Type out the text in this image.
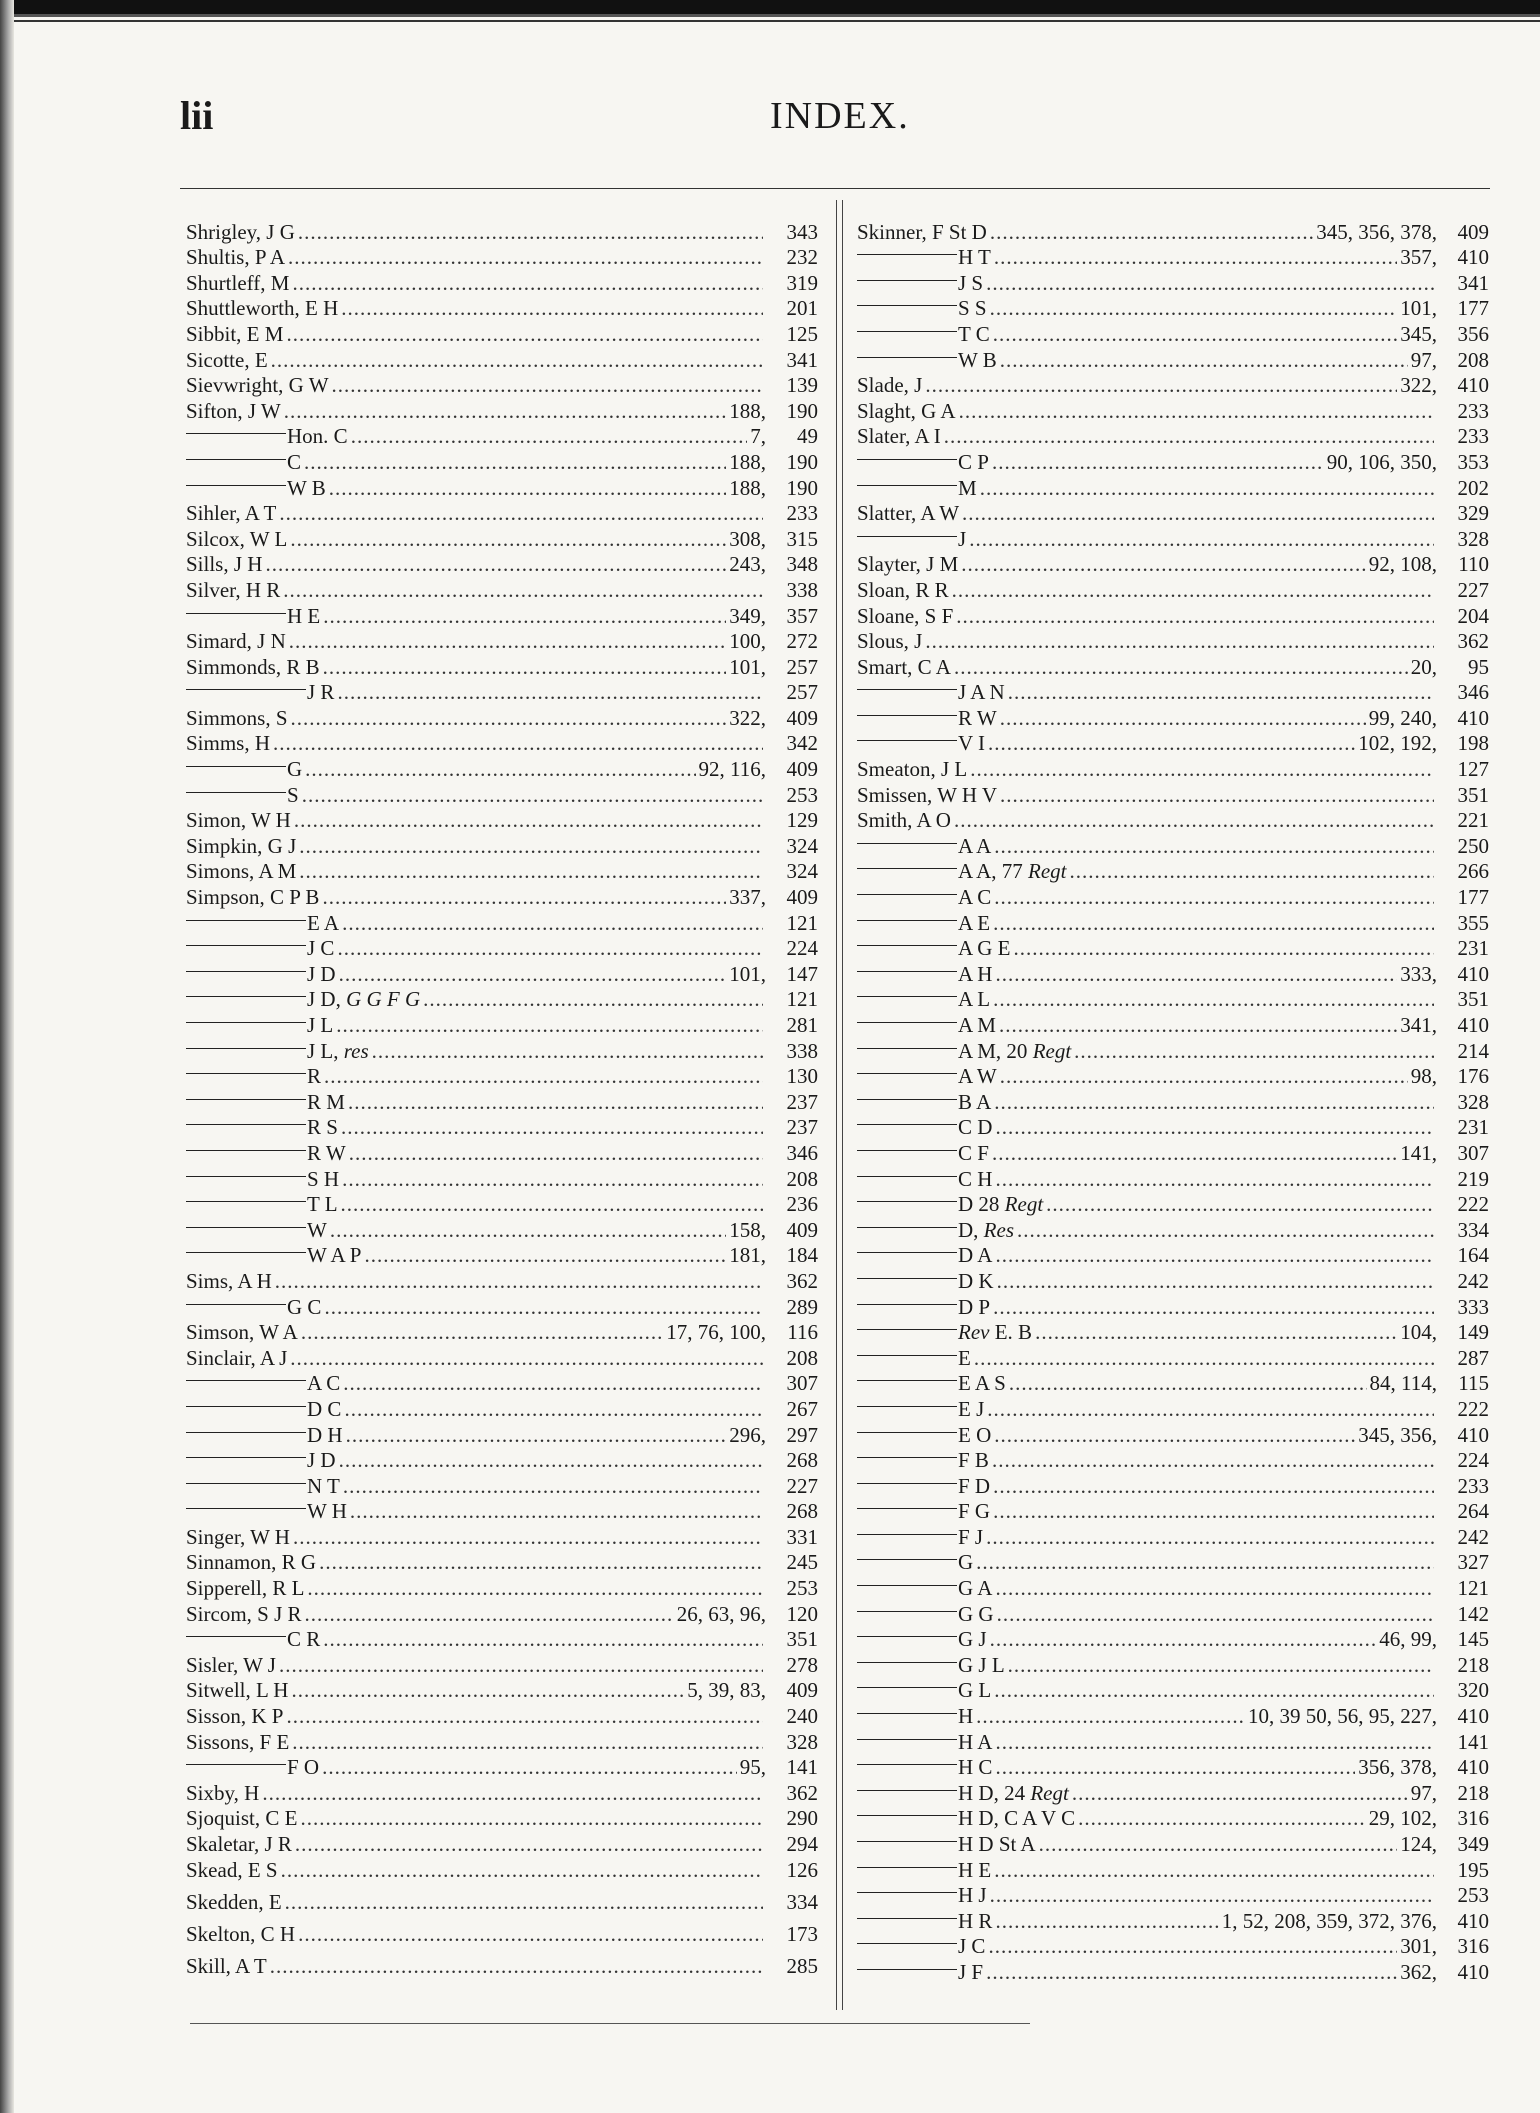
lii	INDEX.
Shrigley, J G .....	343
Shultis, P A .....	232
Shurtleff, M .....	319
Shuttleworth, E H .....	201
Sibbit, E M .....	125
Sicotte, E .....	341
Sievwright, G W .....	139
Sifton, J W .....	188, 190
Hon. C .....	7,	49
C .....	188, 190
W B .....	188, 190
Sihler, A T .....	233
Silcox, W L .....	308, 315
Sills, J H .....	243, 348
Silver, H R .....	338
H E .....	349, 357
Simard, J N .....	100, 272
Simmonds, R B .....	101, 257
J R .....	257
Simmons, S .....	322, 409
Simms, H .....	342
G .....	92, 116, 409
S .....	253
Simon, W H .....	129
Simpkin, G J .....	324
Simons, A M .....	324
Simpson, C P B .....	337, 409
E A .....	121
J C .....	224
J D .....	101, 147
J D, G G F G .....	121
J L .....	281
J L, res .....	338
R .....	130
R M .....	237
R S .....	237
R W .....	346
S H .....	208
T L .....	236
W .....	158, 409
W A P .....	181, 184
Sims, A H .....	362
G C .....	289
Simson, W A .....	17, 76, 100,	116
Sinclair, A J .....	208
A C .....	307
D C .....	267
D H .....	296, 297
J D .....	268
N T .....	227
W H .....	268
Singer, W H .....	331
Sinnamon, R G .....	245
Sipperell, R L .....	253
Sircom, S J R .....	26, 63, 96, 120
C R .....	351
Sisler, W J .....	278
Sitwell, L H .....	5, 39, 83, 409
Sisson, K P .....	240
Sissons, F E .....	328
F O .....	95, 141
Sixby, H .....	362
Sjoquist, C E .....	290
Skaletar, J R .....	294
Skead, E S .....	126
Skedden, E .....	334
Skelton, C H .....	173
Skill, A T .....	285
Skinner, F St D .....	345, 356, 378, 409
H T .....	357, 410
J S .....	341
S S .....	101, 177
T C .....	345, 356
W B .....	97, 208
Slade, J .....	322, 410
Slaght, G A .....	233
Slater, A I .....	233
C P .....	90, 106, 350, 353
M .....	202
Slatter, A W .....	329
J .....	328
Slayter, J M .....	92, 108,	110
Sloan, R R .....	227
Sloane, S F .....	204
Slous, J .....	362
Smart, C A .....	20,	95
J A N .....	346
R W .....	99, 240, 410
V I .....	102, 192, 198
Smeaton, J L .....	127
Smissen, W H V .....	351
Smith, A O .....	221
A A .....	250
A A, 77 Regt .....	266
A C .....	177
A E .....	355
A G E .....	231
A H .....	333, 410
A L .....	351
A M .....	341, 410
A M, 20 Regt .....	214
A W .....	98, 176
B A .....	328
C D .....	231
C F .....	141, 307
C H .....	219
D 28 Regt .....	222
D, Res .....	334
D A .....	164
D K .....	242
D P .....	333
Rev E. B .....	104, 149
E .....	287
E A S .....	84, 114,	115
E J .....	222
E O .....	345, 356, 410
F B .....	224
F D .....	233
F G .....	264
F J .....	242
G .....	327
G A .....	121
G G .....	142
G J .....	46, 99, 145
G J L .....	218
G L .....	320
H .....	10, 39 50, 56, 95, 227, 410
H A .....	141
H C .....	356, 378, 410
H D, 24 Regt .....	97, 218
H D, C A V C .....	29, 102, 316
H D St A .....	124, 349
H E .....	195
H J .....	253
H R .....	1, 52, 208, 359, 372, 376, 410
J C .....	301, 316
J F .....	362, 410
